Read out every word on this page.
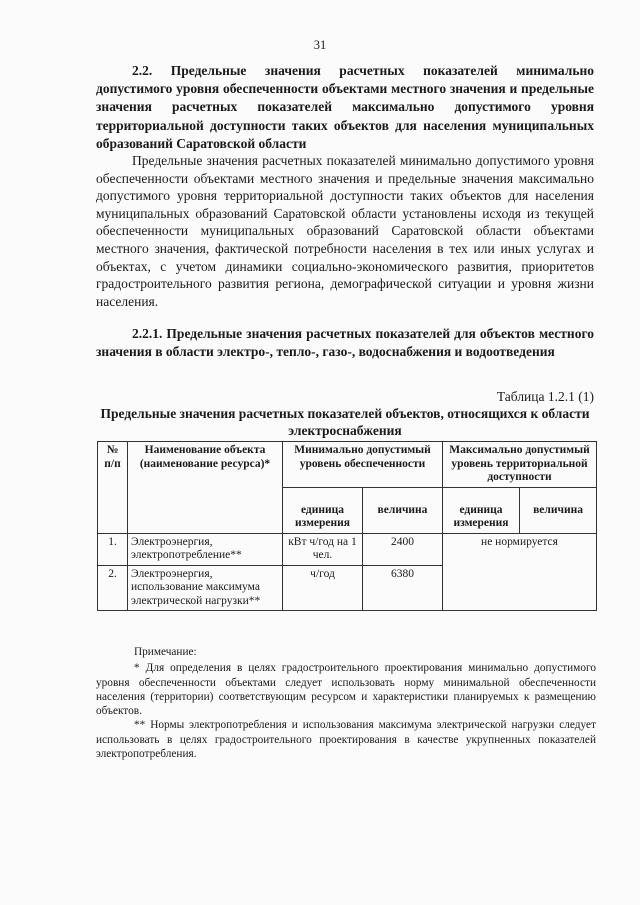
31
2.2. Предельные значения расчетных показателей минимально допустимого уровня обеспеченности объектами местного значения и предельные значения расчетных показателей максимально допустимого уровня территориальной доступности таких объектов для населения муниципальных образований Саратовской области
Предельные значения расчетных показателей минимально допустимого уровня обеспеченности объектами местного значения и предельные значения максимально допустимого уровня территориальной доступности таких объектов для населения муниципальных образований Саратовской области установлены исходя из текущей обеспеченности муниципальных образований Саратовской области объектами местного значения, фактической потребности населения в тех или иных услугах и объектах, с учетом динамики социально-экономического развития, приоритетов градостроительного развития региона, демографической ситуации и уровня жизни населения.
2.2.1. Предельные значения расчетных показателей для объектов местного значения в области электро-, тепло-, газо-, водоснабжения и водоотведения
Таблица 1.2.1 (1)
Предельные значения расчетных показателей объектов, относящихся к области электроснабжения
№ п/п	Наименование объекта (наименование ресурса)*	Минимально допустимый уровень обеспеченности		Максимально допустимый уровень территориальной доступности	
		единица измерения	величина	единица измерения	величина
1.	Электроэнергия, электропотребление**	кВт ч/год на 1 чел.	2400	не нормируется	
2.	Электроэнергия, использование максимума электрической нагрузки**	ч/год	6380		

Примечание:

* Для определения в целях градостроительного проектирования минимально допустимого уровня обеспеченности объектами следует использовать норму минимальной обеспеченности населения (территории) соответствующим ресурсом и характеристики планируемых к размещению объектов.

** Нормы электропотребления и использования максимума электрической нагрузки следует использовать в целях градостроительного проектирования в качестве укрупненных показателей электропотребления.
